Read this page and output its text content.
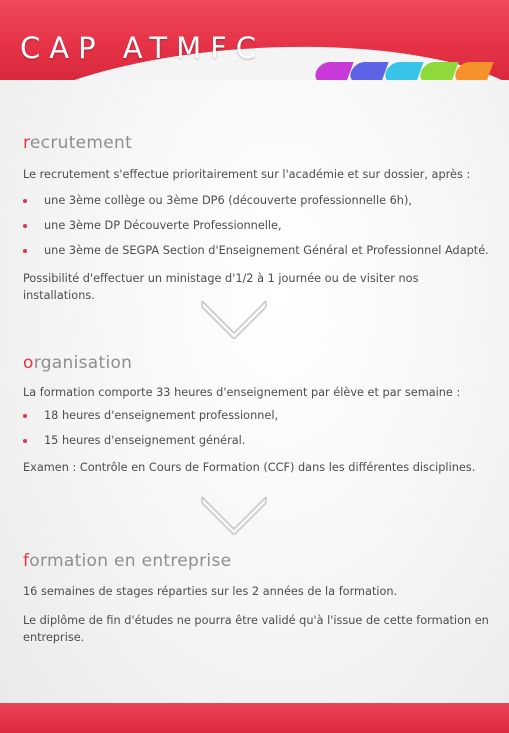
CAP ATMFC
recrutement

Le recrutement s'effectue prioritairement sur l'académie et sur dossier, après :

une 3ème collège ou 3ème DP6 (découverte professionnelle 6h),
une 3ème DP Découverte Professionnelle,
une 3ème de SEGPA Section d'Enseignement Général et Professionnel Adapté.

Possibilité d'effectuer un ministage d'1/2 à 1 journée ou de visiter nos installations.

organisation

La formation comporte 33 heures d'enseignement par élève et par semaine :

18 heures d'enseignement professionnel,
15 heures d'enseignement général.

Examen : Contrôle en Cours de Formation (CCF) dans les différentes disciplines.

formation en entreprise

16 semaines de stages réparties sur les 2 années de la formation.

Le diplôme de fin d'études ne pourra être validé qu'à l'issue de cette formation en entreprise.
